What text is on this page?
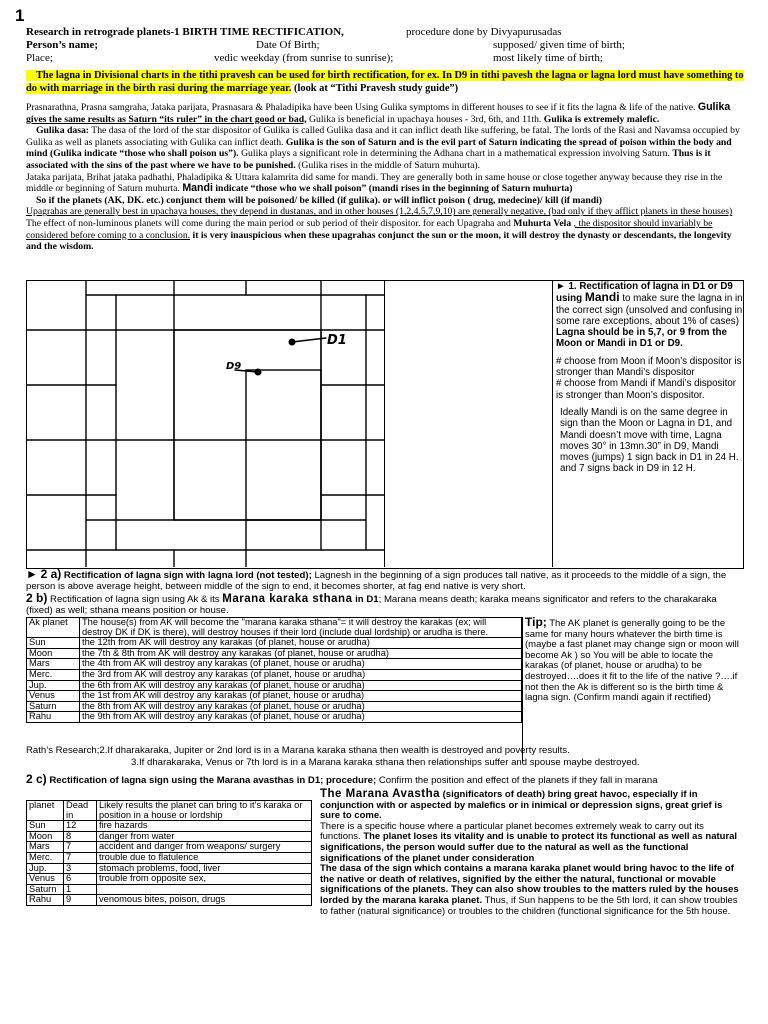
1
Research in retrograde planets-1 BIRTH TIME RECTIFICATION,	procedure done by Divyapurusadas
Person’s name;	Date Of Birth;	supposed/ given time of birth;
Place;	vedic weekday (from sunrise to sunrise);	most likely time of birth;
The lagna in Divisional charts in the tithi pravesh can be used for birth rectification, for ex. In D9 in tithi pavesh the lagna or lagna lord must have something to do with marriage in the birth rasi during the marriage year. (look at “Tithi Pravesh study guide”)

Prasnarathna, Prasna samgraha, Jataka parijata, Prasnasara & Phaladipika have been Using Gulika symptoms in different houses to see if it fits the lagna & life of the native. Gulika gives the same results as Saturn “its ruler” in the chart good or bad, Gulika is beneficial in upachaya houses - 3rd, 6th, and 11th. Gulika is extremely malefic.

Gulika dasa: The dasa of the lord of the star dispositor of Gulika is called Gulika dasa and it can inflict death like suffering, be fatal. The lords of the Rasi and Navamsa occupied by Gulika as well as planets associating with Gulika can inflict death. Gulika is the son of Saturn and is the evil part of Saturn indicating the spread of poison within the body and mind (Gulika indicate “those who shall poison us”). Gulika plays a significant role in determining the Adhana chart in a mathematical expression involving Saturn. Thus is it associated with the sins of the past where we have to be punished. (Gulika rises in the middle of Saturn muhurta).

Jataka parijata, Brihat jataka padhathi, Phaladipika & Uttara kalamrita did same for mandi. They are generally both in same house or close together anyway because they rise in the middle or beginning of Saturn muhurta. Mandi indicate “those who we shall poison” (mandi rises in the beginning of Saturn muhurta)

So if the planets (AK, DK. etc.) conjunct them will be poisoned/ be killed (if gulika). or will inflict poison ( drug, medecine)/ kill (if mandi)

Upagrahas are generally best in upachaya houses, they depend in dustanas, and in other houses (1,2,4,5,7,9,10) are generally negative, (bad only if they afflict planets in these houses) The effect of non-luminous planets will come during the main period or sub period of their dispositor. for each Upagraha and Muhurta Vela , the dispositor should invariably be considered before coming to a conclusion. it is very inauspicious when these upagrahas conjunct the sun or the moon, it will destroy the dynasty or descendants, the longevity and the wisdom.

D1
D9

► 1. Rectification of lagna in D1 or D9 using Mandi to make sure the lagna in in the correct sign (unsolved and confusing in some rare exceptions, about 1% of cases)
Lagna should be in 5,7, or 9 from the Moon or Mandi in D1 or D9.

# choose from Moon if Moon’s dispositor is stronger than Mandi’s dispositor

# choose from Mandi if Mandi’s dispositor is stronger than Moon’s dispositor.

Ideally Mandi is on the same degree in sign than the Moon or Lagna in D1, and Mandi doesn’t move with time, Lagna moves 30° in 13mn.30” in D9, Mandi moves (jumps) 1 sign back in D1 in 24 H. and 7 signs back in D9 in 12 H.

► 2 a) Rectification of lagna sign with lagna lord (not tested); Lagnesh in the beginning of a sign produces tall native, as it proceeds to the middle of a sign, the person is above average height, between middle of the sign to end, it becomes shorter, at fag end native is very short.
2 b) Rectification of lagna sign using Ak & its Marana karaka sthana in D1; Marana means death; karaka means significator and refers to the charakaraka (fixed) as well; sthana means position or house.
Ak planet	The house(s) from AK will become the "marana karaka sthana"= it will destroy the karakas (ex; will destroy DK if DK is there), will destroy houses if their lord (include dual lordship) or arudha is there.
Sun	the 12th from AK will destroy any karakas (of planet, house or arudha)
Moon	the 7th & 8th from AK will destroy any karakas (of planet, house or arudha)
Mars	the 4th from AK will destroy any karakas (of planet, house or arudha)
Merc.	the 3rd from AK will destroy any karakas (of planet, house or arudha)
Jup.	the 6th from AK will destroy any karakas (of planet, house or arudha)
Venus	the 1st from AK will destroy any karakas (of planet, house or arudha)
Saturn	the 8th from AK will destroy any karakas (of planet, house or arudha)
Rahu	the 9th from AK will destroy any karakas (of planet, house or arudha)
Tip; The AK planet is generally going to be the same for many hours whatever the birth time is (maybe a fast planet may change sign or moon will become Ak ) so You will be able to locate the karakas (of planet, house or arudha) to be destroyed….does it fit to the life of the native ?….if not then the Ak is different so is the birth time & lagna sign. (Confirm mandi again if rectified)
Rath’s Research;2.If dharakaraka, Jupiter or 2nd lord is in a Marana karaka sthana then wealth is destroyed and poverty results.
3.If dharakaraka, Venus or 7th lord is in a Marana karaka sthana then relationships suffer and spouse maybe destroyed.
2 c) Rectification of lagna sign using the Marana avasthas in D1; procedure; Confirm the position and effect of the planets if they fall in marana
planet	Dead in	Likely results the planet can bring to it’s karaka or position in a house or lordship
Sun	12	fire hazards
Moon	8	danger from water
Mars	7	accident and danger from weapons/ surgery
Merc.	7	trouble due to flatulence
Jup.	3	stomach problems, food, liver
Venus	6	trouble from opposite sex,
Saturn	1	
Rahu	9	venomous bites, poison, drugs
The Marana Avastha (significators of death) bring great havoc, especially if in conjunction with or aspected by malefics or in inimical or depression signs, great grief is sure to come.
There is a specific house where a particular planet becomes extremely weak to carry out its functions. The planet loses its vitality and is unable to protect its functional as well as natural significations, the person would suffer due to the natural as well as the functional significations of the planet under consideration
The dasa of the sign which contains a marana karaka planet would bring havoc to the life of the native or death of relatives, signified by the either the natural, functional or movable significations of the planets. They can also show troubles to the matters ruled by the houses lorded by the marana karaka planet. Thus, if Sun happens to be the 5th lord, it can show troubles to father (natural significance) or troubles to the children (functional significance for the 5th house.
